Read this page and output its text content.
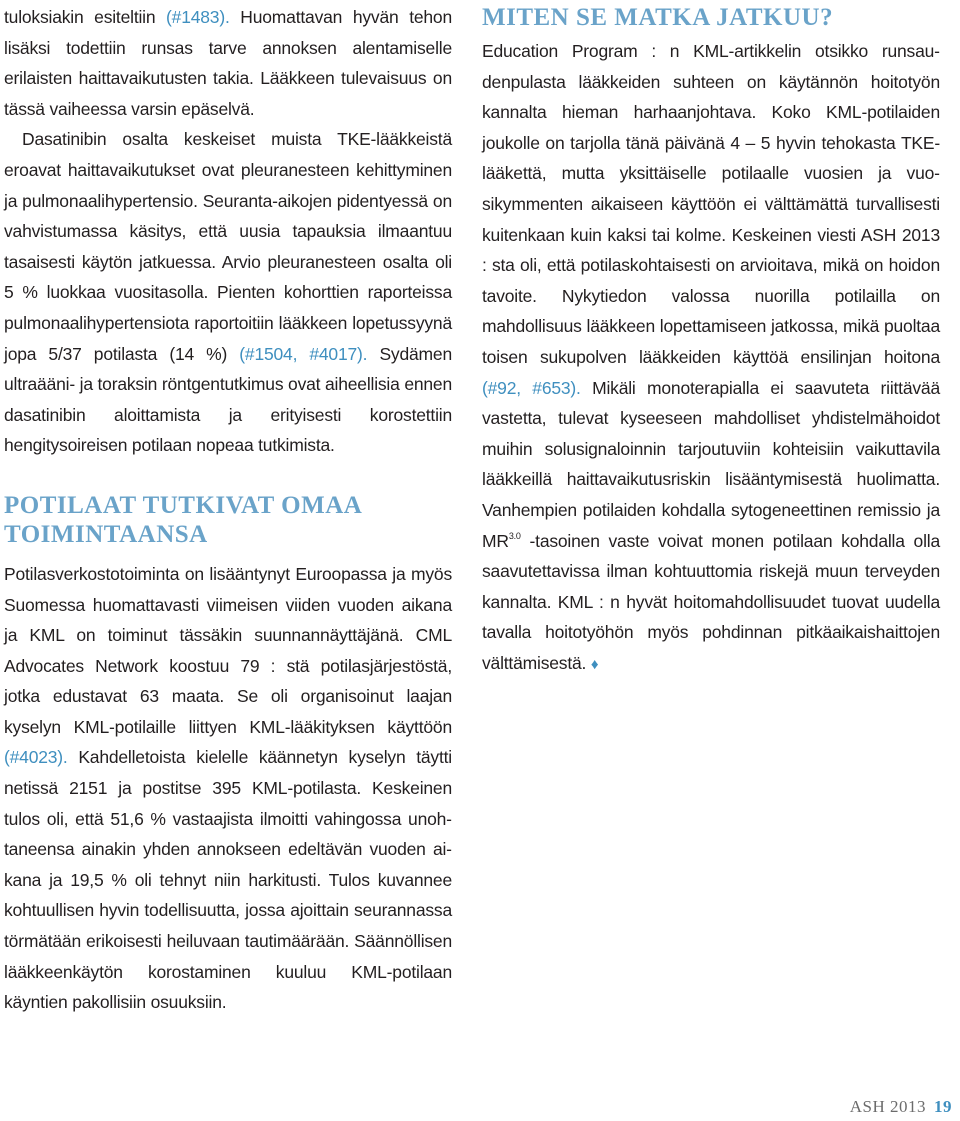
tuloksiakin esiteltiin (#1483). Huomattavan hyvän tehon lisäksi todettiin runsas tarve annoksen alentamiselle erilaisten haittavaikutusten takia. Lääkkeen tulevaisuus on tässä vaiheessa varsin epäselvä.

Dasatinibin osalta keskeiset muista TKE-lääkkeistä eroavat haittavaikutukset ovat pleuranesteen kehittyminen ja pulmonaalihypertensio. Seuranta-aikojen pidentyessä on vahvistumassa käsitys, että uusia tapauksia ilmaantuu tasaisesti käytön jatkuessa. Arvio pleuranesteen osalta oli 5 % luokkaa vuositasolla. Pienten kohorttien raporteissa pulmonaalihypertensiota raportoitiin lääkkeen lopetussyynä jopa 5/37 potilasta (14 %) (#1504, #4017). Sydämen ultraääni- ja toraksin röntgentutkimus ovat aiheellisia ennen dasatinibin aloittamista ja erityisesti korostettiin hengitysoireisen potilaan nopeaa tutkimista.

POTILAAT TUTKIVAT OMAA TOIMINTAANSA

Potilasverkostotoiminta on lisääntynyt Euroopassa ja myös Suomessa huomattavasti viimeisen viiden vuoden aikana ja KML on toiminut tässäkin suunnannäyttäjänä. CML Advocates Network koostuu 79 : stä potilasjärjestöstä, jotka edustavat 63 maata. Se oli organisoinut laajan kyselyn KML-potilaille liittyen KML-lääkityksen käyttöön (#4023). Kahdelletoista kielelle käännetyn kyselyn täytti netissä 2151 ja postitse 395 KML-potilasta. Keskeinen tulos oli, että 51,6 % vastaajista ilmoitti vahingossa unohtaneensa ainakin yhden annokseen edeltävän vuoden aikana ja 19,5 % oli tehnyt niin harkitusti. Tulos kuvannee kohtuullisen hyvin todellisuutta, jossa ajoittain seurannassa törmätään erikoisesti heiluvaan tautimäärään. Säännöllisen lääkkeenkäytön korostaminen kuuluu KML-potilaan käyntien pakollisiin osuuksiin.

MITEN SE MATKA JATKUU?

Education Program : n KML-artikkelin otsikko runsaudenpulasta lääkkeiden suhteen on käytännön hoitotyön kannalta hieman harhaanjohtava. Koko KML-potilaiden joukolle on tarjolla tänä päivänä 4 – 5 hyvin tehokasta TKE-lääkettä, mutta yksittäiselle potilaalle vuosien ja vuosikymmenten aikaiseen käyttöön ei välttämättä turvallisesti kuitenkaan kuin kaksi tai kolme. Keskeinen viesti ASH 2013 : sta oli, että potilaskohtaisesti on arvioitava, mikä on hoidon tavoite. Nykytiedon valossa nuorilla potilailla on mahdollisuus lääkkeen lopettamiseen jatkossa, mikä puoltaa toisen sukupolven lääkkeiden käyttöä ensilinjan hoitona (#92, #653). Mikäli monoterapialla ei saavuteta riittävää vastetta, tulevat kyseeseen mahdolliset yhdistelmähoidot muihin solusignaloinnin tarjoutuviin kohteisiin vaikuttavila lääkkeillä haittavaikutusriskin lisääntymisestä huolimatta. Vanhempien potilaiden kohdalla sytogeneettinen remissio ja $MR^{3.0}$ -tasoinen vaste voivat monen potilaan kohdalla olla saavutettavissa ilman kohtuuttomia riskejä muun terveyden kannalta. KML : n hyvät hoitomahdollisuudet tuovat uudella tavalla hoitotyöhön myös pohdinnan pitkäaikaishaittojen välttämisestä. ♦

ASH 2013 19
